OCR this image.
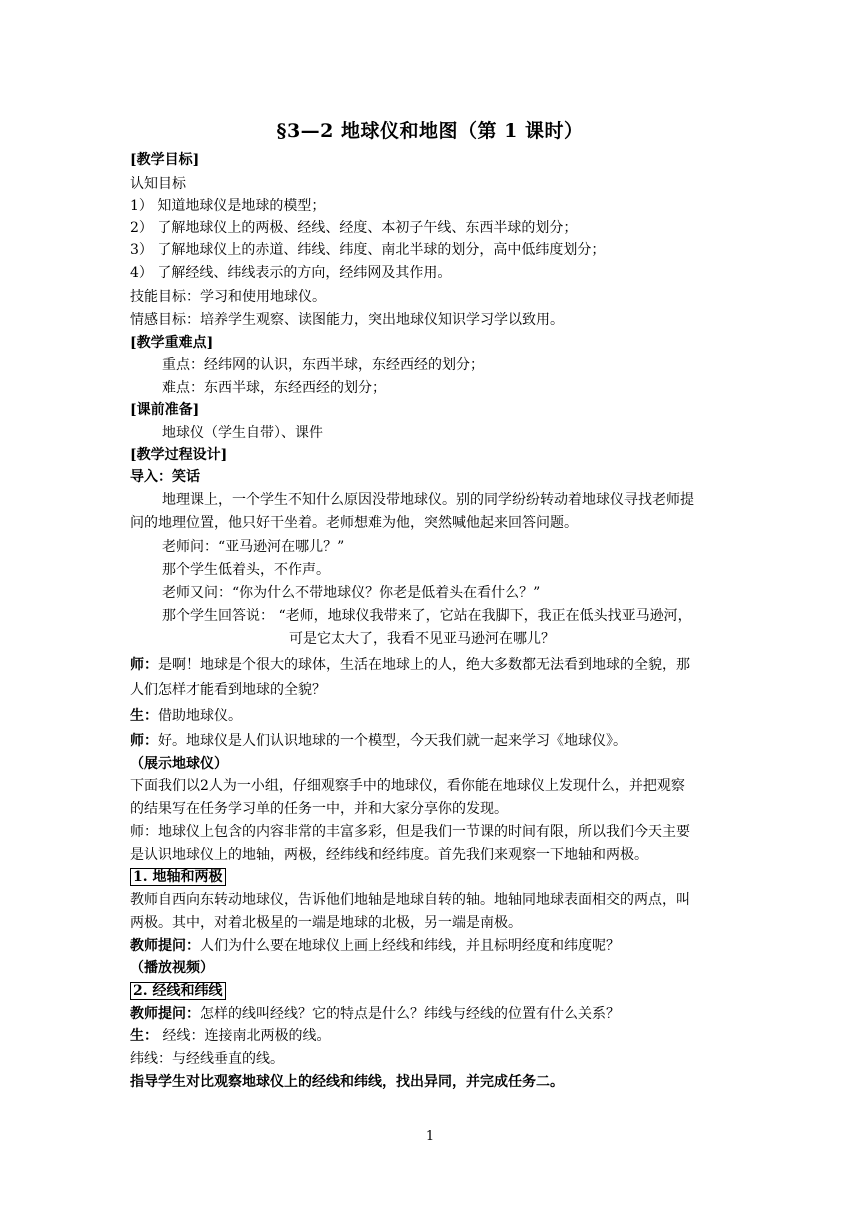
§3—2 地球仪和地图（第 1 课时）
[教学目标]
认知目标
1） 知道地球仪是地球的模型；
2） 了解地球仪上的两极、经线、经度、本初子午线、东西半球的划分；
3） 了解地球仪上的赤道、纬线、纬度、南北半球的划分，高中低纬度划分；
4） 了解经线、纬线表示的方向，经纬网及其作用。
技能目标：学习和使用地球仪。
情感目标：培养学生观察、读图能力，突出地球仪知识学习学以致用。
[教学重难点]
重点：经纬网的认识，东西半球，东经西经的划分；
难点：东西半球，东经西经的划分；
[课前准备]
地球仪（学生自带）、课件
[教学过程设计]
导入：笑话
地理课上，一个学生不知什么原因没带地球仪。别的同学纷纷转动着地球仪寻找老师提
问的地理位置，他只好干坐着。老师想难为他，突然喊他起来回答问题。
老师问：“亚马逊河在哪儿？”
那个学生低着头，不作声。
老师又问：“你为什么不带地球仪？你老是低着头在看什么？”
那个学生回答说： “老师，地球仪我带来了，它站在我脚下，我正在低头找亚马逊河，
可是它太大了，我看不见亚马逊河在哪儿？
师：是啊！地球是个很大的球体，生活在地球上的人，绝大多数都无法看到地球的全貌，那
人们怎样才能看到地球的全貌？
生：借助地球仪。
师：好。地球仪是人们认识地球的一个模型，今天我们就一起来学习《地球仪》。
（展示地球仪）
下面我们以2人为一小组，仔细观察手中的地球仪，看你能在地球仪上发现什么，并把观察
的结果写在任务学习单的任务一中，并和大家分享你的发现。
师：地球仪上包含的内容非常的丰富多彩，但是我们一节课的时间有限，所以我们今天主要
是认识地球仪上的地轴，两极，经纬线和经纬度。首先我们来观察一下地轴和两极。
1. 地轴和两极
教师自西向东转动地球仪，告诉他们地轴是地球自转的轴。地轴同地球表面相交的两点，叫
两极。其中，对着北极星的一端是地球的北极，另一端是南极。
教师提问：人们为什么要在地球仪上画上经线和纬线，并且标明经度和纬度呢？
（播放视频）
2. 经线和纬线
教师提问：怎样的线叫经线？它的特点是什么？纬线与经线的位置有什么关系？
生： 经线：连接南北两极的线。
纬线：与经线垂直的线。
指导学生对比观察地球仪上的经线和纬线，找出异同，并完成任务二。
1
